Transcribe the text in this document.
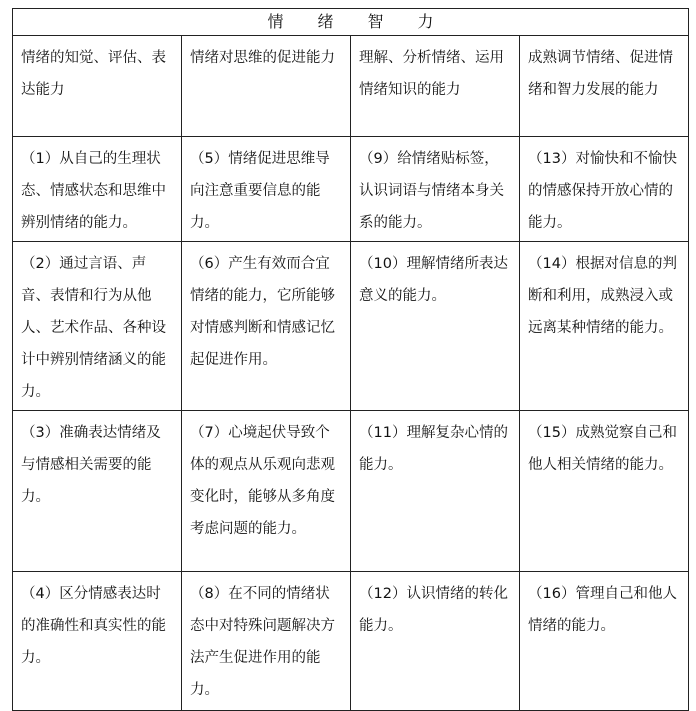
情绪智力			
情绪的知觉、评估、表达能力	情绪对思维的促进能力	理解、分析情绪、运用情绪知识的能力	成熟调节情绪、促进情绪和智力发展的能力
（1）从自己的生理状态、情感状态和思维中辨别情绪的能力。	（5）情绪促进思维导向注意重要信息的能力。	（9）给情绪贴标签，认识词语与情绪本身关系的能力。	（13）对愉快和不愉快的情感保持开放心情的能力。
（2）通过言语、声音、表情和行为从他人、艺术作品、各种设计中辨别情绪涵义的能力。	（6）产生有效而合宜情绪的能力，它所能够对情感判断和情感记忆起促进作用。	（10）理解情绪所表达意义的能力。	（14）根据对信息的判断和利用，成熟浸入或远离某种情绪的能力。
（3）准确表达情绪及与情感相关需要的能力。	（7）心境起伏导致个体的观点从乐观向悲观变化时，能够从多角度考虑问题的能力。	（11）理解复杂心情的能力。	（15）成熟觉察自己和他人相关情绪的能力。
（4）区分情感表达时的准确性和真实性的能力。	（8）在不同的情绪状态中对特殊问题解决方法产生促进作用的能力。	（12）认识情绪的转化能力。	（16）管理自己和他人情绪的能力。
